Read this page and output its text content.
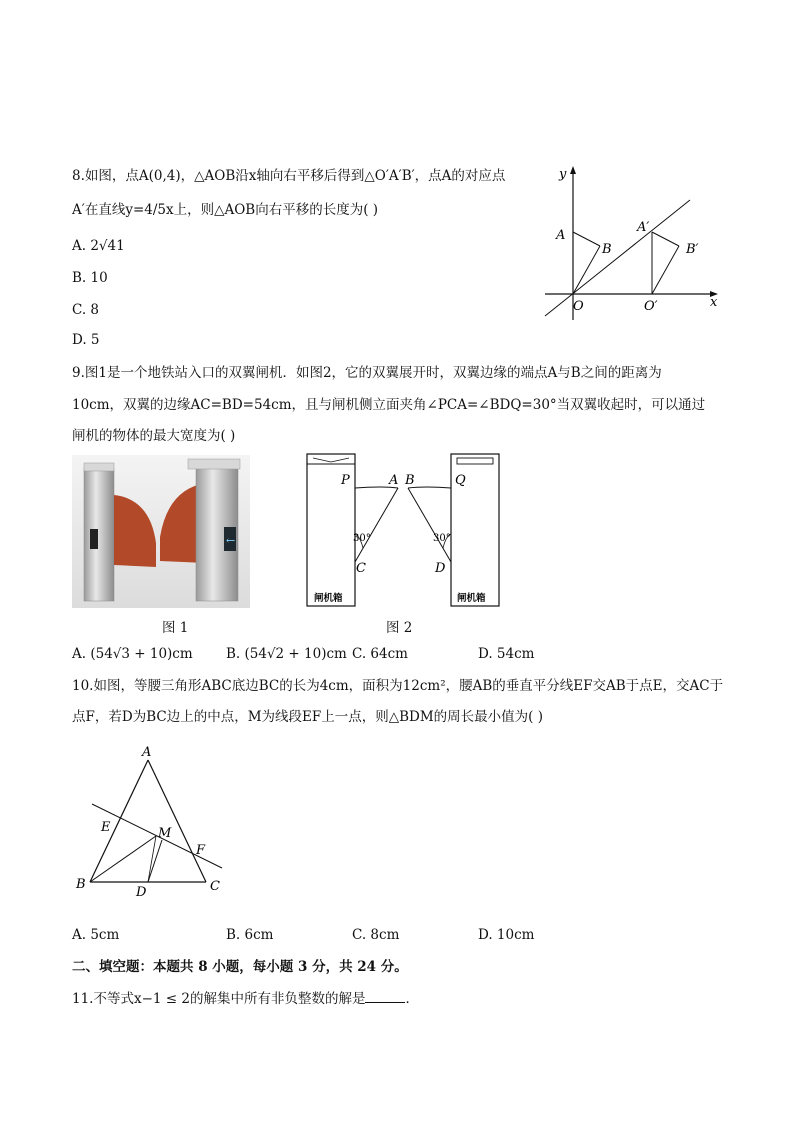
8.如图，点A(0,4)，△AOB沿x轴向右平移后得到△O′A′B′，点A的对应点
A′在直线y=4/5x上，则△AOB向右平移的长度为( )
A. 2√41
B. 10
C. 8
D. 5
y
x
A
B
O
A′
B′
O′
9.图1是一个地铁站入口的双翼闸机．如图2，它的双翼展开时，双翼边缘的端点A与B之间的距离为
10cm，双翼的边缘AC=BD=54cm，且与闸机侧立面夹角∠PCA=∠BDQ=30°当双翼收起时，可以通过
闸机的物体的最大宽度为( )
←
图 1
闸机箱	闸机箱
P	A B	Q
C	D
30°	30°
图 2
A. (54√3 + 10)cm B. (54√2 + 10)cm C. 64cm	D. 54cm
10.如图，等腰三角形ABC底边BC的长为4cm，面积为12cm²，腰AB的垂直平分线EF交AB于点E，交AC于
点F，若D为BC边上的中点，M为线段EF上一点，则△BDM的周长最小值为( )
A
B	C
D
E
F
M
A. 5cm	B. 6cm	C. 8cm	D. 10cm
二、填空题：本题共 8 小题，每小题 3 分，共 24 分。
11.不等式x−1 ≤ 2的解集中所有非负整数的解是	．
